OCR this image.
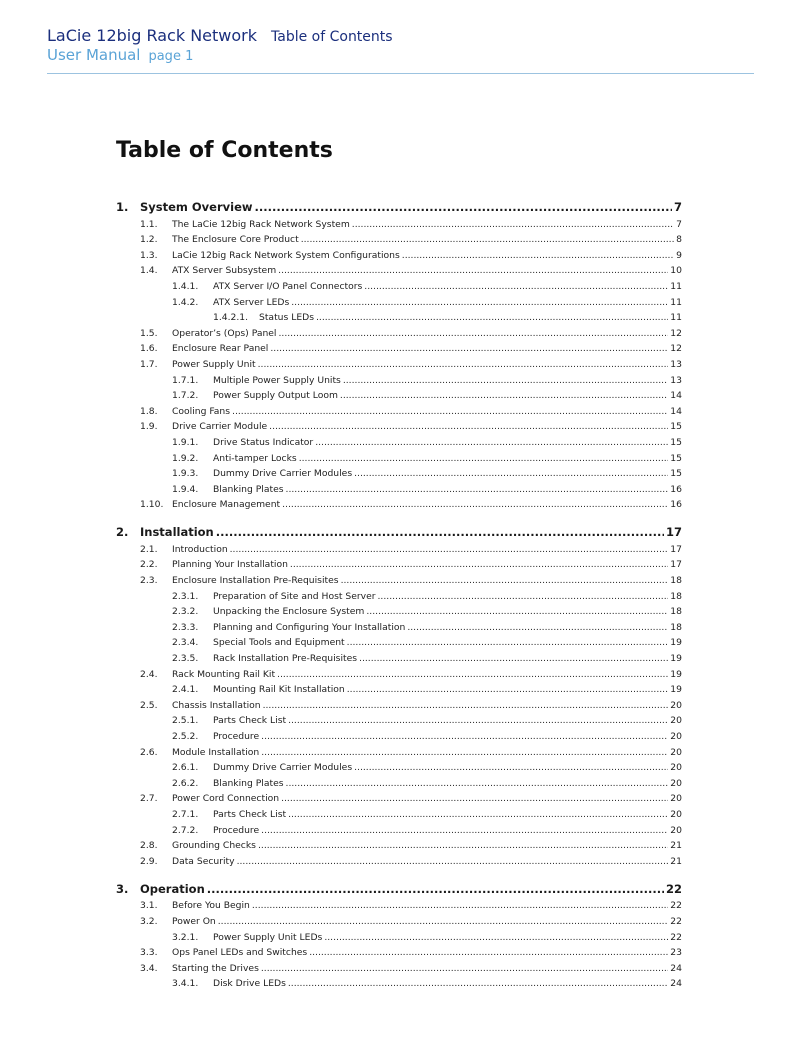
LaCie 12big Rack Network Table of Contents
User Manual page 1
Table of Contents
1.	System Overview .....	7
1.1.	The LaCie 12big Rack Network System .....	7
1.2.	The Enclosure Core Product .....	8
1.3.	LaCie 12big Rack Network System Configurations .....	9
1.4.	ATX Server Subsystem .....	10
1.4.1.	ATX Server I/O Panel Connectors .....	11
1.4.2.	ATX Server LEDs .....	11
1.4.2.1.	Status LEDs .....	11
1.5.	Operator’s (Ops) Panel .....	12
1.6.	Enclosure Rear Panel .....	12
1.7.	Power Supply Unit .....	13
1.7.1.	Multiple Power Supply Units .....	13
1.7.2.	Power Supply Output Loom .....	14
1.8.	Cooling Fans .....	14
1.9.	Drive Carrier Module .....	15
1.9.1.	Drive Status Indicator .....	15
1.9.2.	Anti-tamper Locks .....	15
1.9.3.	Dummy Drive Carrier Modules .....	15
1.9.4.	Blanking Plates .....	16
1.10. Enclosure Management .....	16
2.	Installation .....	17
2.1.	Introduction .....	17
2.2.	Planning Your Installation .....	17
2.3.	Enclosure Installation Pre-Requisites .....	18
2.3.1.	Preparation of Site and Host Server .....	18
2.3.2.	Unpacking the Enclosure System .....	18
2.3.3.	Planning and Configuring Your Installation .....	18
2.3.4.	Special Tools and Equipment .....	19
2.3.5.	Rack Installation Pre-Requisites .....	19
2.4.	Rack Mounting Rail Kit .....	19
2.4.1.	Mounting Rail Kit Installation .....	19
2.5.	Chassis Installation .....	20
2.5.1.	Parts Check List .....	20
2.5.2.	Procedure .....	20
2.6.	Module Installation .....	20
2.6.1.	Dummy Drive Carrier Modules .....	20
2.6.2.	Blanking Plates .....	20
2.7.	Power Cord Connection .....	20
2.7.1.	Parts Check List .....	20
2.7.2.	Procedure .....	20
2.8.	Grounding Checks .....	21
2.9.	Data Security .....	21
3.	Operation .....	22
3.1.	Before You Begin .....	22
3.2.	Power On .....	22
3.2.1.	Power Supply Unit LEDs .....	22
3.3.	Ops Panel LEDs and Switches .....	23
3.4.	Starting the Drives .....	24
3.4.1.	Disk Drive LEDs .....	24
